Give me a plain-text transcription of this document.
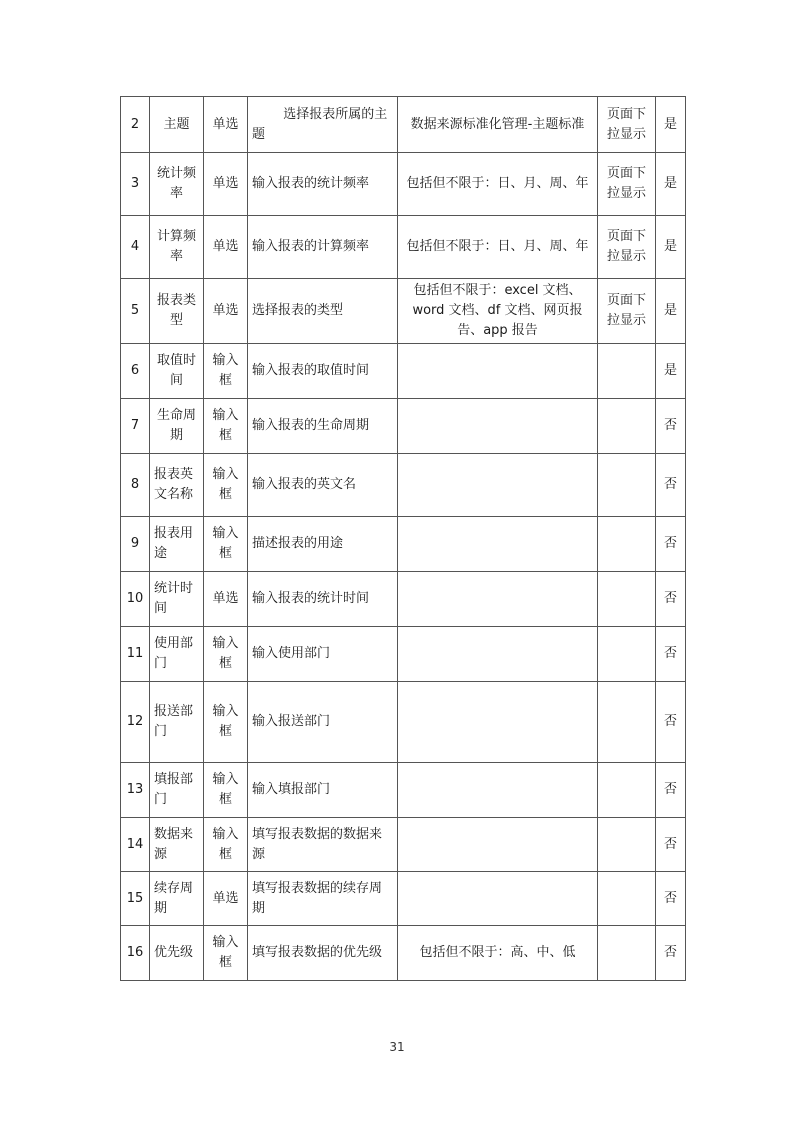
2	主题	单选	选择报表所属的主题	数据来源标准化管理-主题标准	页面下拉显示	是
3	统计频率	单选	输入报表的统计频率	包括但不限于：日、月、周、年	页面下拉显示	是
4	计算频率	单选	输入报表的计算频率	包括但不限于：日、月、周、年	页面下拉显示	是
5	报表类型	单选	选择报表的类型	包括但不限于：excel 文档、word 文档、df 文档、网页报告、app 报告	页面下拉显示	是
6	取值时间	输入框	输入报表的取值时间			是
7	生命周期	输入框	输入报表的生命周期			否
8	报表英文名称	输入框	输入报表的英文名			否
9	报表用途	输入框	描述报表的用途			否
10	统计时间	单选	输入报表的统计时间			否
11	使用部门	输入框	输入使用部门			否
12	报送部门	输入框	输入报送部门			否
13	填报部门	输入框	输入填报部门			否
14	数据来源	输入框	填写报表数据的数据来源			否
15	续存周期	单选	填写报表数据的续存周期			否
16	优先级	输入框	填写报表数据的优先级	包括但不限于：高、中、低		否
31
